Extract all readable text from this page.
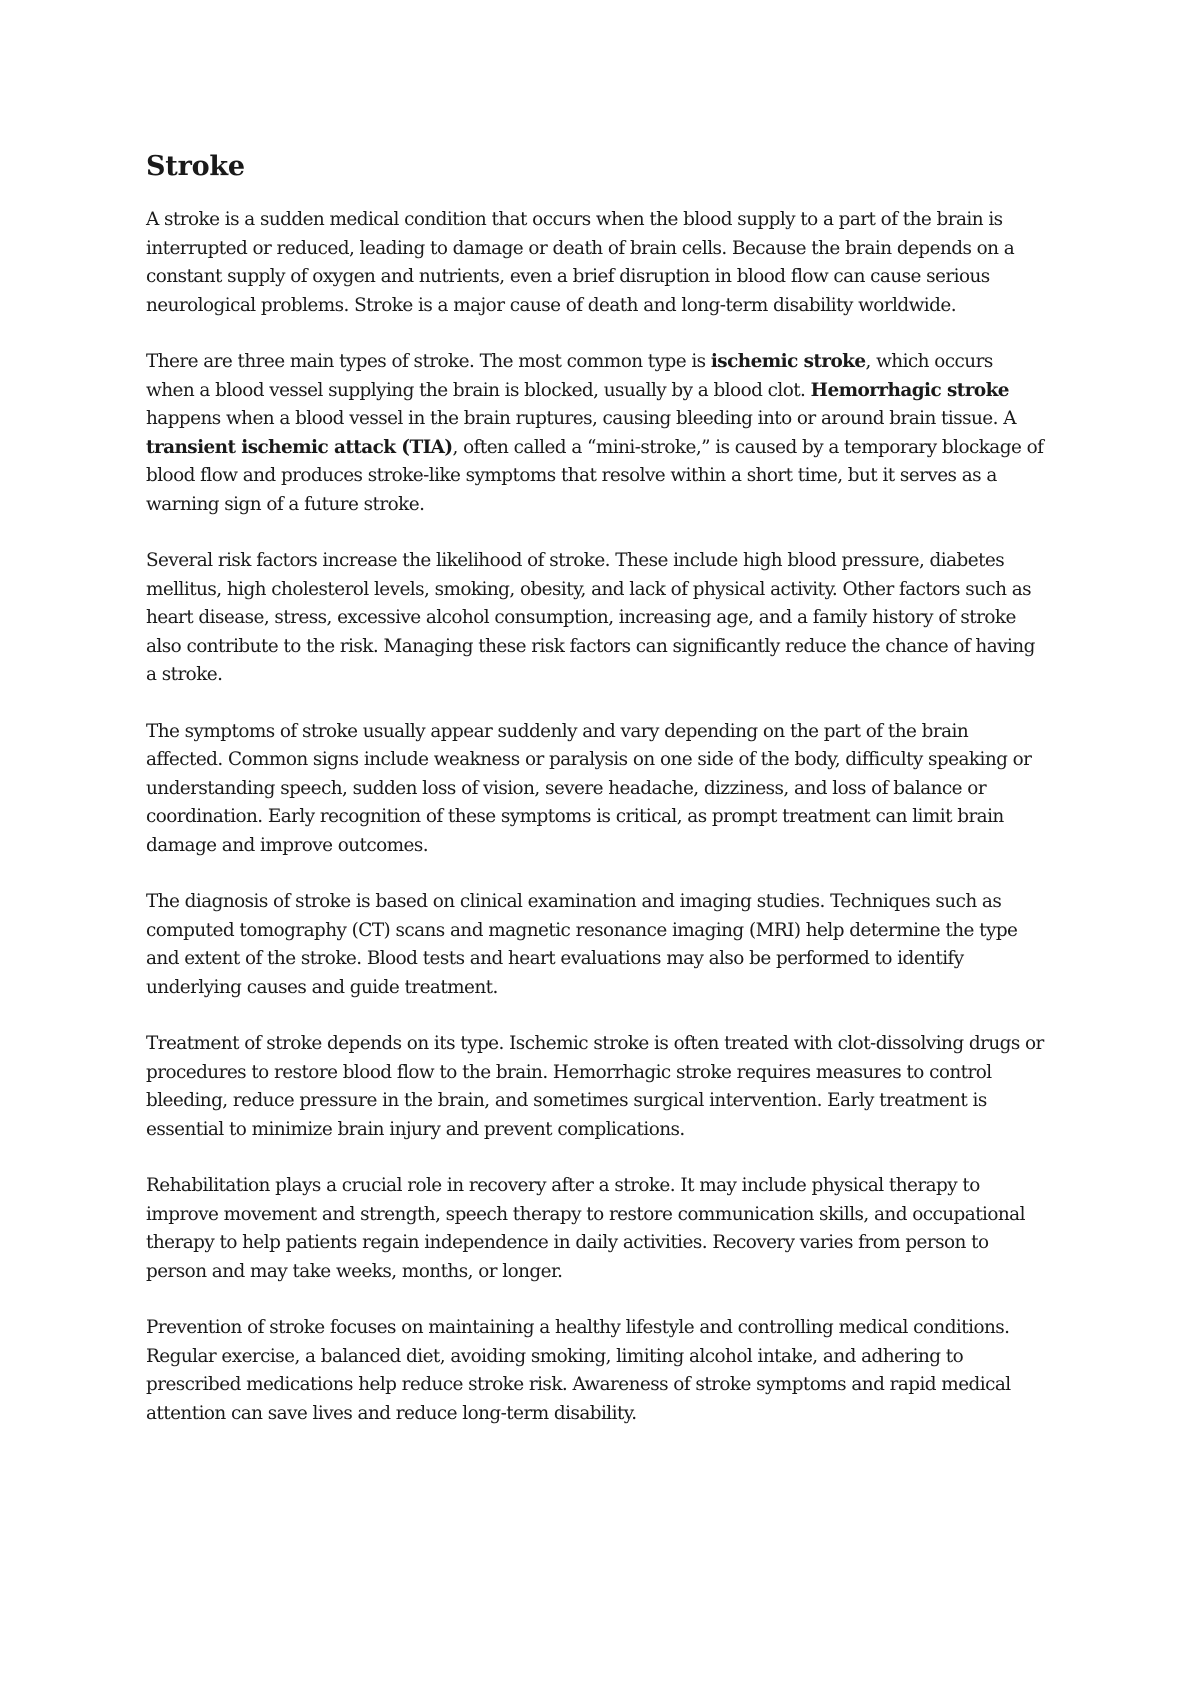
Stroke

A stroke is a sudden medical condition that occurs when the blood supply to a part of the brain is interrupted or reduced, leading to damage or death of brain cells. Because the brain depends on a constant supply of oxygen and nutrients, even a brief disruption in blood flow can cause serious neurological problems. Stroke is a major cause of death and long-term disability worldwide.

There are three main types of stroke. The most common type is ischemic stroke, which occurs when a blood vessel supplying the brain is blocked, usually by a blood clot. Hemorrhagic stroke happens when a blood vessel in the brain ruptures, causing bleeding into or around brain tissue. A transient ischemic attack (TIA), often called a “mini-stroke,” is caused by a temporary blockage of blood flow and produces stroke-like symptoms that resolve within a short time, but it serves as a warning sign of a future stroke.

Several risk factors increase the likelihood of stroke. These include high blood pressure, diabetes mellitus, high cholesterol levels, smoking, obesity, and lack of physical activity. Other factors such as heart disease, stress, excessive alcohol consumption, increasing age, and a family history of stroke also contribute to the risk. Managing these risk factors can significantly reduce the chance of having a stroke.

The symptoms of stroke usually appear suddenly and vary depending on the part of the brain affected. Common signs include weakness or paralysis on one side of the body, difficulty speaking or understanding speech, sudden loss of vision, severe headache, dizziness, and loss of balance or coordination. Early recognition of these symptoms is critical, as prompt treatment can limit brain damage and improve outcomes.

The diagnosis of stroke is based on clinical examination and imaging studies. Techniques such as computed tomography (CT) scans and magnetic resonance imaging (MRI) help determine the type and extent of the stroke. Blood tests and heart evaluations may also be performed to identify underlying causes and guide treatment.

Treatment of stroke depends on its type. Ischemic stroke is often treated with clot-dissolving drugs or procedures to restore blood flow to the brain. Hemorrhagic stroke requires measures to control bleeding, reduce pressure in the brain, and sometimes surgical intervention. Early treatment is essential to minimize brain injury and prevent complications.

Rehabilitation plays a crucial role in recovery after a stroke. It may include physical therapy to improve movement and strength, speech therapy to restore communication skills, and occupational therapy to help patients regain independence in daily activities. Recovery varies from person to person and may take weeks, months, or longer.

Prevention of stroke focuses on maintaining a healthy lifestyle and controlling medical conditions. Regular exercise, a balanced diet, avoiding smoking, limiting alcohol intake, and adhering to prescribed medications help reduce stroke risk. Awareness of stroke symptoms and rapid medical attention can save lives and reduce long-term disability.
